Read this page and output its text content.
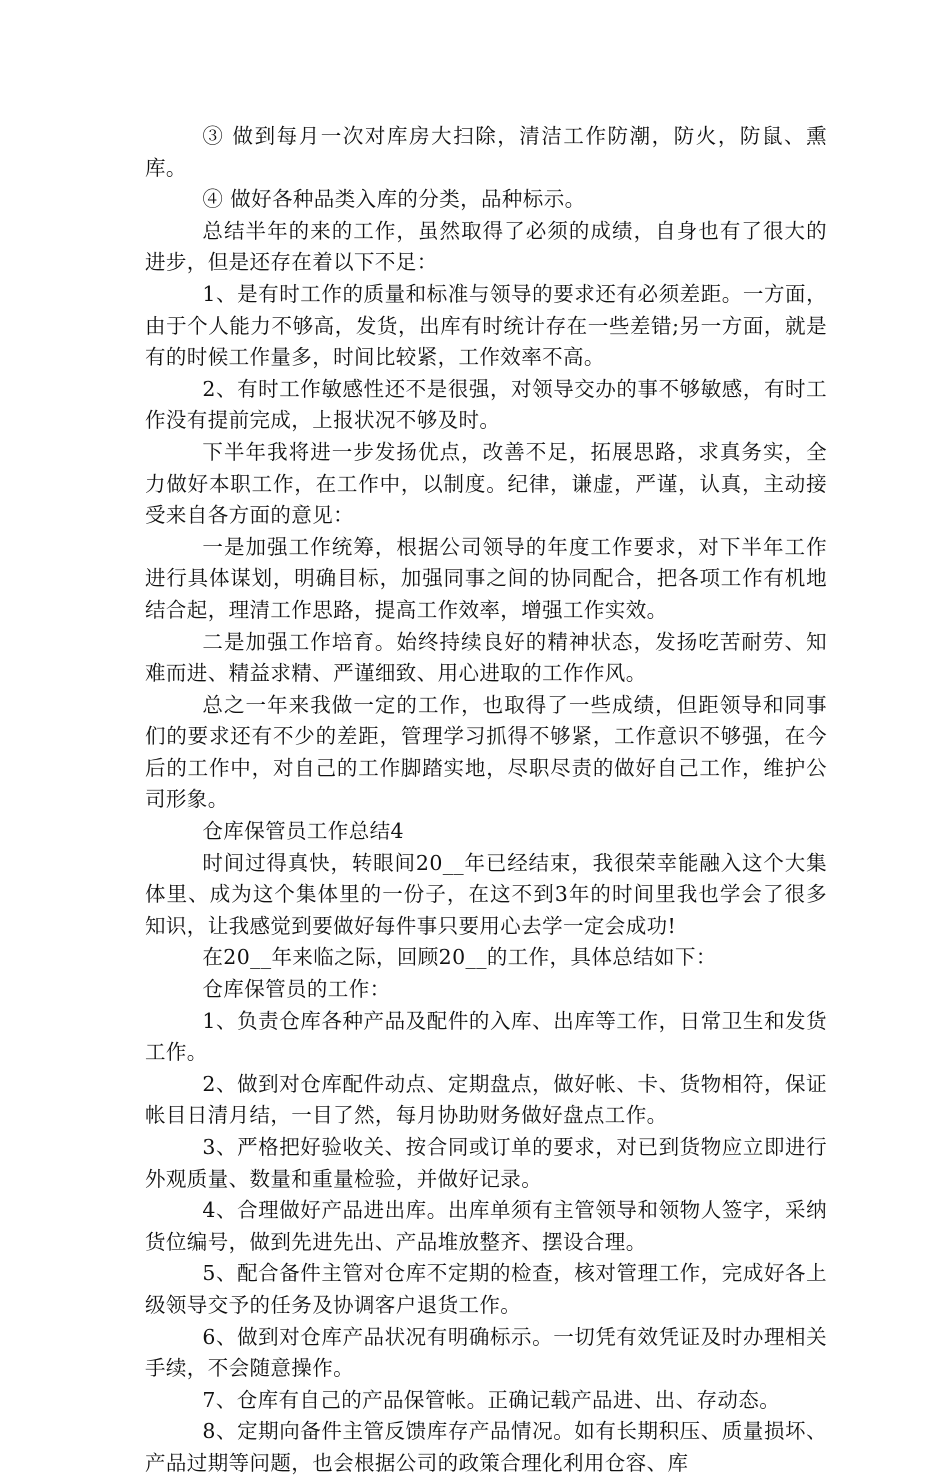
③ 做到每月一次对库房大扫除，清洁工作防潮，防火，防鼠、熏库。

④ 做好各种品类入库的分类，品种标示。

总结半年的来的工作，虽然取得了必须的成绩，自身也有了很大的进步，但是还存在着以下不足：

1、是有时工作的质量和标准与领导的要求还有必须差距。一方面，由于个人能力不够高，发货，出库有时统计存在一些差错;另一方面，就是有的时候工作量多，时间比较紧，工作效率不高。

2、有时工作敏感性还不是很强，对领导交办的事不够敏感，有时工作没有提前完成，上报状况不够及时。

下半年我将进一步发扬优点，改善不足，拓展思路，求真务实，全力做好本职工作，在工作中，以制度。纪律，谦虚，严谨，认真，主动接受来自各方面的意见：

一是加强工作统筹，根据公司领导的年度工作要求，对下半年工作进行具体谋划，明确目标，加强同事之间的协同配合，把各项工作有机地结合起，理清工作思路，提高工作效率，增强工作实效。

二是加强工作培育。始终持续良好的精神状态，发扬吃苦耐劳、知难而进、精益求精、严谨细致、用心进取的工作作风。

总之一年来我做一定的工作，也取得了一些成绩，但距领导和同事们的要求还有不少的差距，管理学习抓得不够紧，工作意识不够强，在今后的工作中，对自己的工作脚踏实地，尽职尽责的做好自己工作，维护公司形象。

仓库保管员工作总结4

时间过得真快，转眼间20__年已经结束，我很荣幸能融入这个大集体里、成为这个集体里的一份子，在这不到3年的时间里我也学会了很多知识，让我感觉到要做好每件事只要用心去学一定会成功!

在20__年来临之际，回顾20__的工作，具体总结如下：

仓库保管员的工作：

1、负责仓库各种产品及配件的入库、出库等工作，日常卫生和发货工作。

2、做到对仓库配件动点、定期盘点，做好帐、卡、货物相符，保证帐目日清月结，一目了然，每月协助财务做好盘点工作。

3、严格把好验收关、按合同或订单的要求，对已到货物应立即进行外观质量、数量和重量检验，并做好记录。

4、合理做好产品进出库。出库单须有主管领导和领物人签字，采纳货位编号，做到先进先出、产品堆放整齐、摆设合理。

5、配合备件主管对仓库不定期的检查，核对管理工作，完成好各上级领导交予的任务及协调客户退货工作。

6、做到对仓库产品状况有明确标示。一切凭有效凭证及时办理相关手续，不会随意操作。

7、仓库有自己的产品保管帐。正确记载产品进、出、存动态。

8、定期向备件主管反馈库存产品情况。如有长期积压、质量损坏、产品过期等问题，也会根据公司的政策合理化利用仓容、库
